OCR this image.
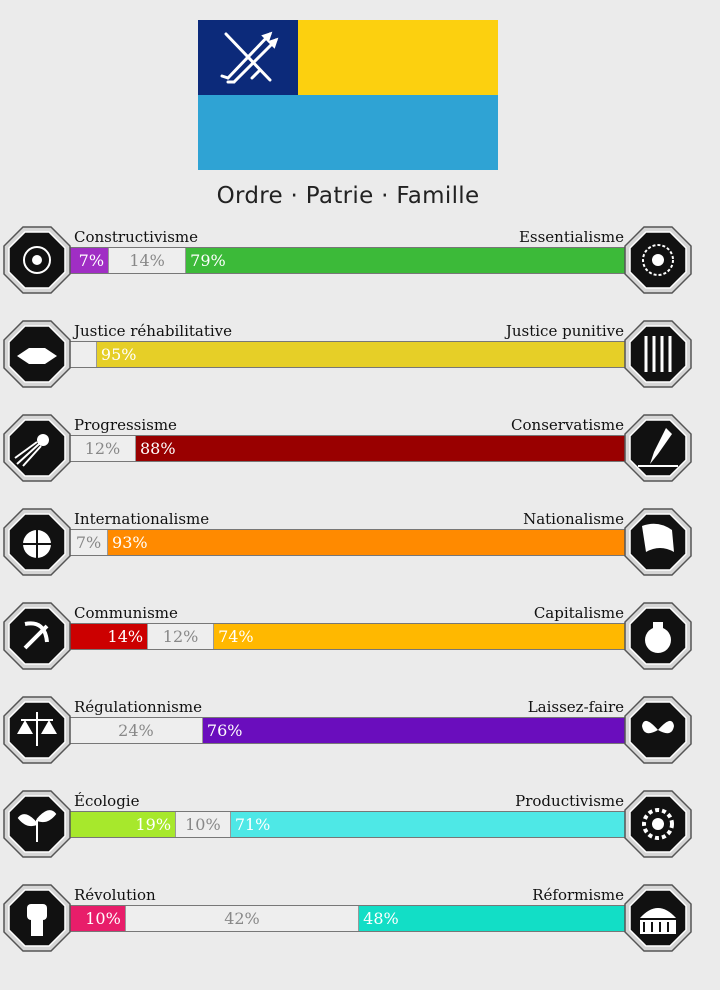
Ordre · Patrie · Famille
7%	14%	79%
Constructivisme	Essentialisme
95%
Justice réhabilitative	Justice punitive
12%	88%
Progressisme	Conservatisme
7% 93%
Internationalisme	Nationalisme
14%	12%	74%
Communisme	Capitalisme
24%	76%
Régulationnisme	Laissez-faire
19% 10% 71%
Écologie	Productivisme
10%	42%	48%
Révolution	Réformisme
